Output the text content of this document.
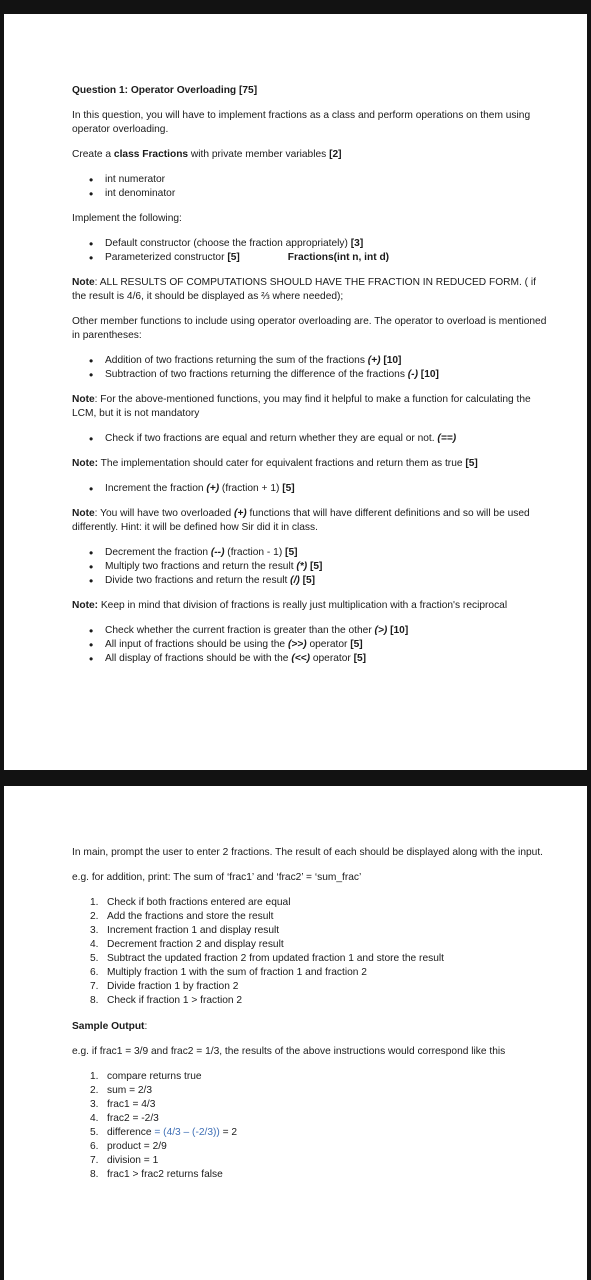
Question 1: Operator Overloading [75]

In this question, you will have to implement fractions as a class and perform operations on them using operator overloading.

Create a class Fractions with private member variables [2]

• int numerator
• int denominator

Implement the following:

• Default constructor (choose the fraction appropriately) [3]
• Parameterized constructor [5]	Fractions(int n, int d)

Note: ALL RESULTS OF COMPUTATIONS SHOULD HAVE THE FRACTION IN REDUCED FORM. ( if the result is 4/6, it should be displayed as ⅔ where needed);

Other member functions to include using operator overloading are. The operator to overload is mentioned in parentheses:

• Addition of two fractions returning the sum of the fractions (+) [10]
• Subtraction of two fractions returning the difference of the fractions (-) [10]

Note: For the above-mentioned functions, you may find it helpful to make a function for calculating the LCM, but it is not mandatory

• Check if two fractions are equal and return whether they are equal or not. (==)

Note: The implementation should cater for equivalent fractions and return them as true [5]

• Increment the fraction (+) (fraction + 1) [5]

Note: You will have two overloaded (+) functions that will have different definitions and so will be used differently. Hint: it will be defined how Sir did it in class.

• Decrement the fraction (--) (fraction - 1) [5]
• Multiply two fractions and return the result (*) [5]
• Divide two fractions and return the result (/) [5]

Note: Keep in mind that division of fractions is really just multiplication with a fraction's reciprocal

• Check whether the current fraction is greater than the other (>) [10]
• All input of fractions should be using the (>>) operator [5]
• All display of fractions should be with the (<<) operator [5]

In main, prompt the user to enter 2 fractions. The result of each should be displayed along with the input.

e.g. for addition, print: The sum of ‘frac1’ and ‘frac2’ = ‘sum_frac’

1. Check if both fractions entered are equal
2. Add the fractions and store the result
3. Increment fraction 1 and display result
4. Decrement fraction 2 and display result
5. Subtract the updated fraction 2 from updated fraction 1 and store the result
6. Multiply fraction 1 with the sum of fraction 1 and fraction 2
7. Divide fraction 1 by fraction 2
8. Check if fraction 1 > fraction 2

Sample Output:

e.g. if frac1 = 3/9 and frac2 = 1/3, the results of the above instructions would correspond like this

1. compare returns true
2. sum = 2/3
3. frac1 = 4/3
4. frac2 = -2/3
5. difference = (4/3 – (-2/3)) = 2
6. product = 2/9
7. division = 1
8. frac1 > frac2 returns false
